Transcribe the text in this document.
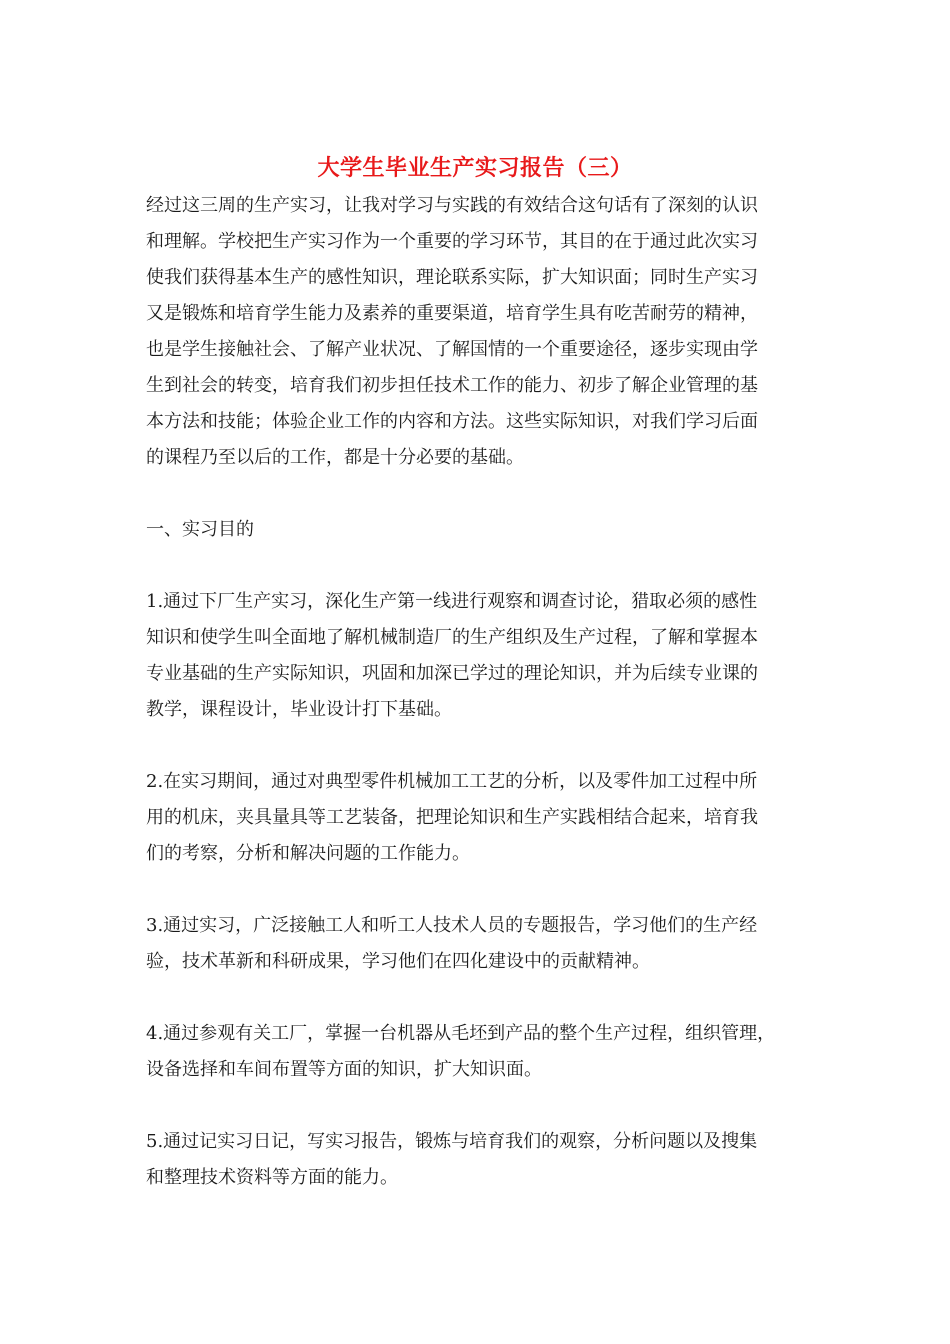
大学生毕业生产实习报告（三）
经过这三周的生产实习，让我对学习与实践的有效结合这句话有了深刻的认识
和理解。学校把生产实习作为一个重要的学习环节，其目的在于通过此次实习
使我们获得基本生产的感性知识，理论联系实际，扩大知识面；同时生产实习
又是锻炼和培育学生能力及素养的重要渠道，培育学生具有吃苦耐劳的精神，
也是学生接触社会、了解产业状况、了解国情的一个重要途径，逐步实现由学
生到社会的转变，培育我们初步担任技术工作的能力、初步了解企业管理的基
本方法和技能；体验企业工作的内容和方法。这些实际知识，对我们学习后面
的课程乃至以后的工作，都是十分必要的基础。
一、实习目的
1.通过下厂生产实习，深化生产第一线进行观察和调查讨论，猎取必须的感性
知识和使学生叫全面地了解机械制造厂的生产组织及生产过程，了解和掌握本
专业基础的生产实际知识，巩固和加深已学过的理论知识，并为后续专业课的
教学，课程设计，毕业设计打下基础。
2.在实习期间，通过对典型零件机械加工工艺的分析，以及零件加工过程中所
用的机床，夹具量具等工艺装备，把理论知识和生产实践相结合起来，培育我
们的考察，分析和解决问题的工作能力。
3.通过实习，广泛接触工人和听工人技术人员的专题报告，学习他们的生产经
验，技术革新和科研成果，学习他们在四化建设中的贡献精神。
4.通过参观有关工厂，掌握一台机器从毛坯到产品的整个生产过程，组织管理，
设备选择和车间布置等方面的知识，扩大知识面。
5.通过记实习日记，写实习报告，锻炼与培育我们的观察，分析问题以及搜集
和整理技术资料等方面的能力。
